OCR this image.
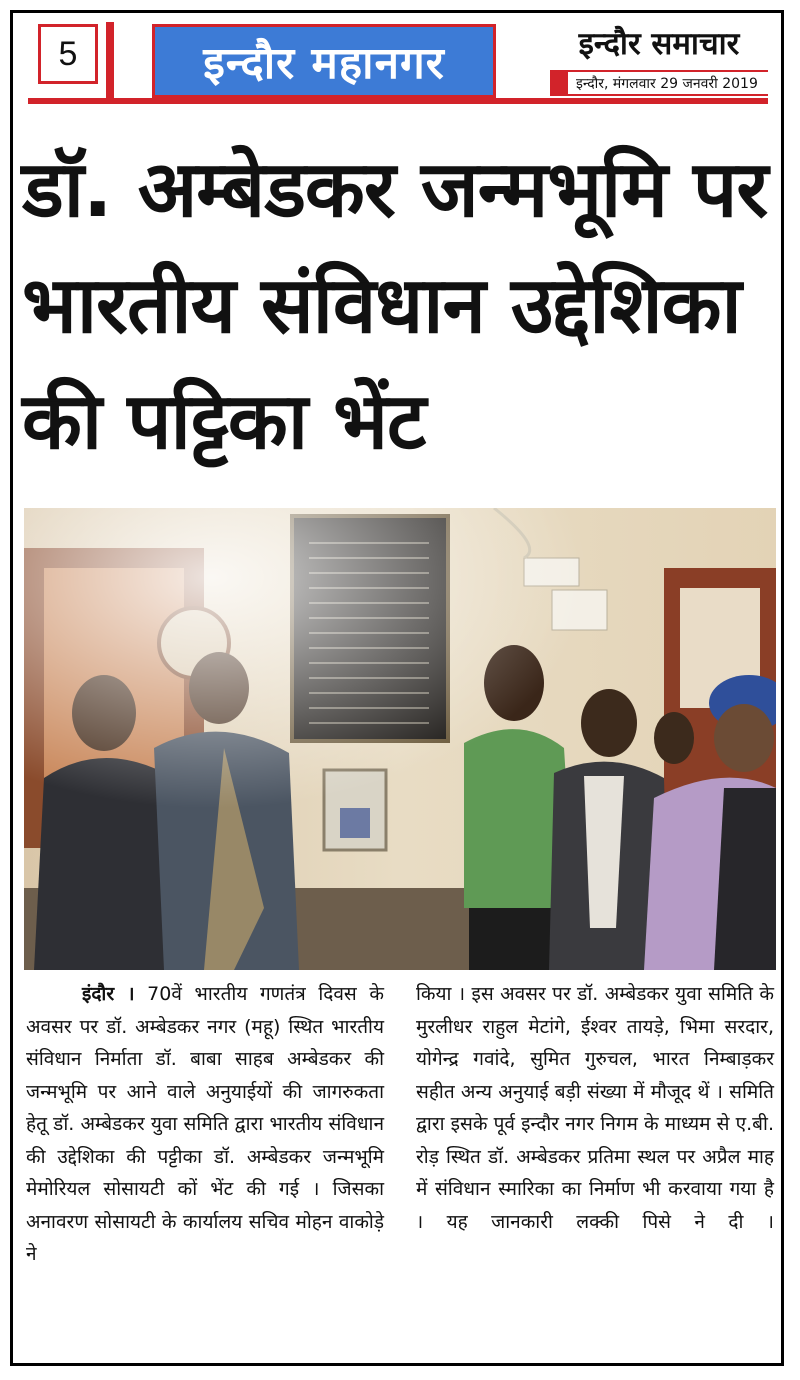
5	इन्दौर महानगर	इन्दौर समाचार
इन्दौर, मंगलवार 29 जनवरी 2019
डॉ. अम्बेडकर जन्मभूमि पर भारतीय संविधान उद्देशिका की पट्टिका भेंट

इंदौर । 70वें भारतीय गणतंत्र दिवस के अवसर पर डॉ. अम्बेडकर नगर (महू) स्थित भारतीय संविधान निर्माता डॉ. बाबा साहब अम्बेडकर की जन्मभूमि पर आने वाले अनुयाईयों की जागरुकता हेतू डॉ. अम्बेडकर युवा समिति द्वारा भारतीय संविधान की उद्देशिका की पट्टीका डॉ. अम्बेडकर जन्मभूमि मेमोरियल सोसायटी कों भेंट की गई । जिसका अनावरण सोसायटी के कार्यालय सचिव मोहन वाकोड़े ने

किया । इस अवसर पर डॉ. अम्बेडकर युवा समिति के मुरलीधर राहुल मेटांगे, ईश्वर तायड़े, भिमा सरदार, योगेन्द्र गवांदे, सुमित गुरुचल, भारत निम्बाड़कर सहीत अन्य अनुयाई बड़ी संख्या में मौजूद थें । समिति द्वारा इसके पूर्व इन्दौर नगर निगम के माध्यम से ए.बी. रोड़ स्थित डॉ. अम्बेडकर प्रतिमा स्थल पर अप्रैल माह में संविधान स्मारिका का निर्माण भी करवाया गया है । यह जानकारी लक्की पिसे ने दी ।
